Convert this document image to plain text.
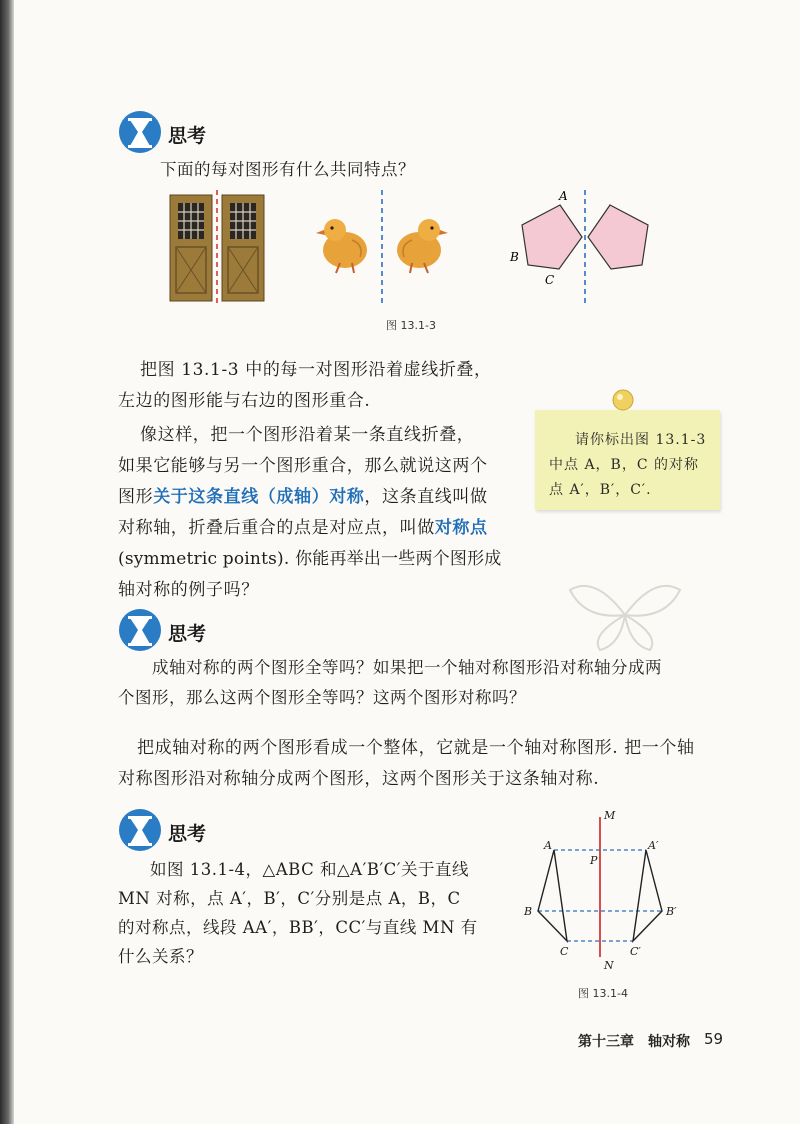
思考
下面的每对图形有什么共同特点？
A
B
C
图 13.1-3
把图 13.1-3 中的每一对图形沿着虚线折叠，
左边的图形能与右边的图形重合.
像这样，把一个图形沿着某一条直线折叠，
如果它能够与另一个图形重合，那么就说这两个
图形关于这条直线（成轴）对称，这条直线叫做
对称轴，折叠后重合的点是对应点，叫做对称点
(symmetric points). 你能再举出一些两个图形成
轴对称的例子吗？
请你标出图 13.1-3
中点 A，B，C 的对称
点 A′，B′，C′.
思考
成轴对称的两个图形全等吗？如果把一个轴对称图形沿对称轴分成两
个图形，那么这两个图形全等吗？这两个图形对称吗？
把成轴对称的两个图形看成一个整体，它就是一个轴对称图形. 把一个轴
对称图形沿对称轴分成两个图形，这两个图形关于这条轴对称.
思考
如图 13.1-4，△ABC 和△A′B′C′关于直线
MN 对称，点 A′，B′，C′分别是点 A，B，C
的对称点，线段 AA′，BB′，CC′与直线 MN 有
什么关系？
M
N
P
A
B
C
A′
B′
C′
图 13.1-4
第十三章　轴对称 59
